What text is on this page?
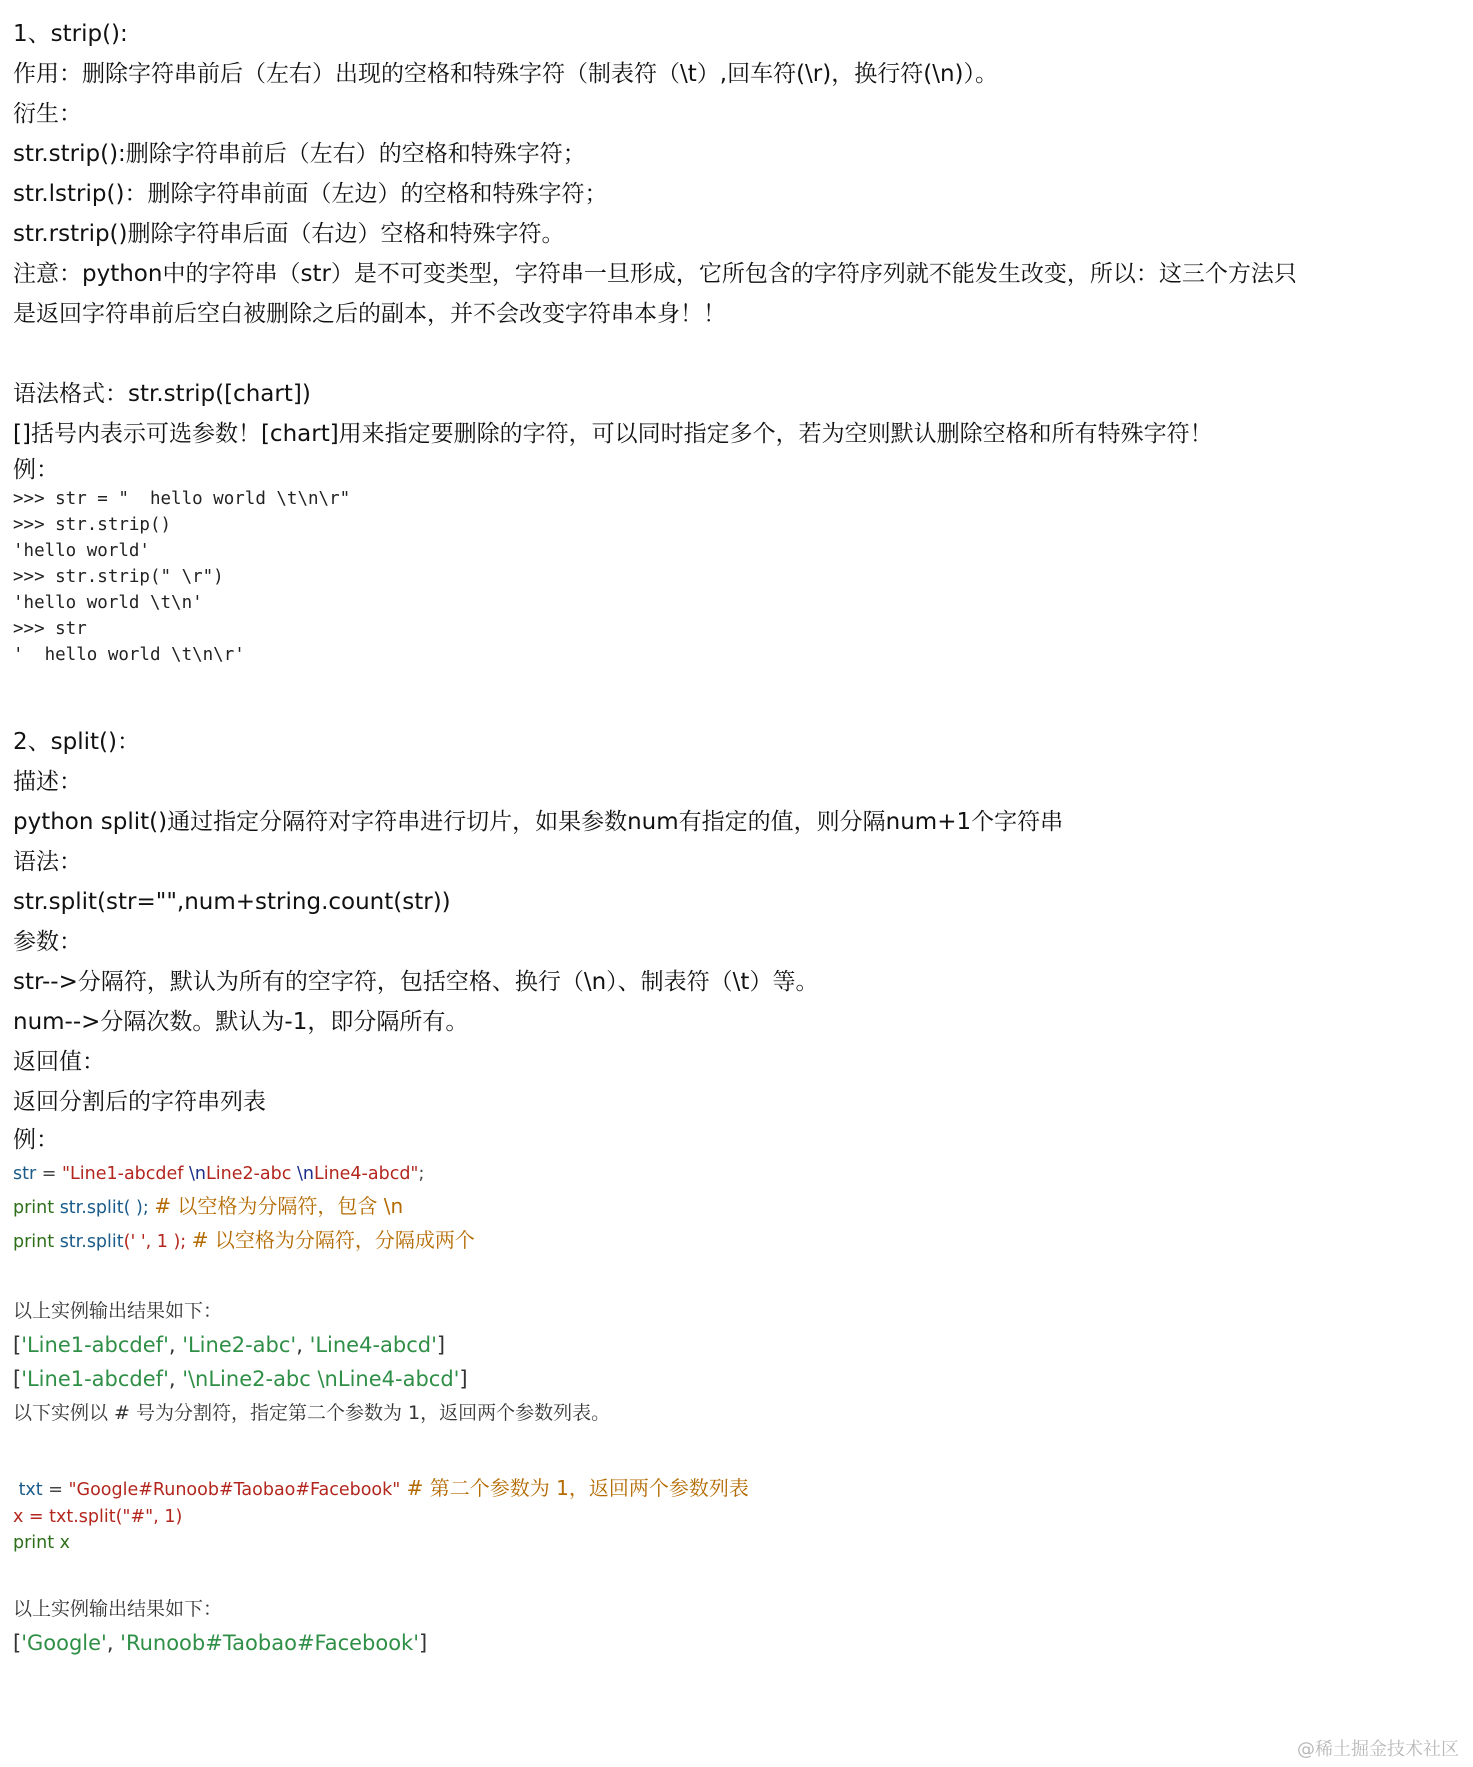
1、strip():
作用：删除字符串前后（左右）出现的空格和特殊字符（制表符（\t）,回车符(\r)，换行符(\n)）。
衍生：
str.strip():删除字符串前后（左右）的空格和特殊字符；
str.lstrip()：删除字符串前面（左边）的空格和特殊字符；
str.rstrip()删除字符串后面（右边）空格和特殊字符。
注意：python中的字符串（str）是不可变类型，字符串一旦形成，它所包含的字符序列就不能发生改变，所以：这三个方法只是返回字符串前后空白被删除之后的副本，并不会改变字符串本身！！
语法格式：str.strip([chart])
[]括号内表示可选参数！[chart]用来指定要删除的字符，可以同时指定多个，若为空则默认删除空格和所有特殊字符！
例：
>>> str = "  hello world \t\n\r"
>>> str.strip()
'hello world'
>>> str.strip(" \r")
'hello world \t\n'
>>> str
'  hello world \t\n\r'
2、split()：
描述：
python split()通过指定分隔符对字符串进行切片，如果参数num有指定的值，则分隔num+1个字符串
语法：
str.split(str="",num+string.count(str))
参数：
str-->分隔符，默认为所有的空字符，包括空格、换行（\n）、制表符（\t）等。
num-->分隔次数。默认为-1，即分隔所有。
返回值：
返回分割后的字符串列表
例：
str = "Line1-abcdef \nLine2-abc \nLine4-abcd";
print str.split( ); # 以空格为分隔符，包含 \n
print str.split(' ', 1 ); # 以空格为分隔符，分隔成两个
以上实例输出结果如下：
['Line1-abcdef', 'Line2-abc', 'Line4-abcd']
['Line1-abcdef', '\nLine2-abc \nLine4-abcd']
以下实例以 # 号为分割符，指定第二个参数为 1，返回两个参数列表。
txt = "Google#Runoob#Taobao#Facebook" # 第二个参数为 1，返回两个参数列表
x = txt.split("#", 1)
print x
以上实例输出结果如下：
['Google', 'Runoob#Taobao#Facebook']
@稀土掘金技术社区
